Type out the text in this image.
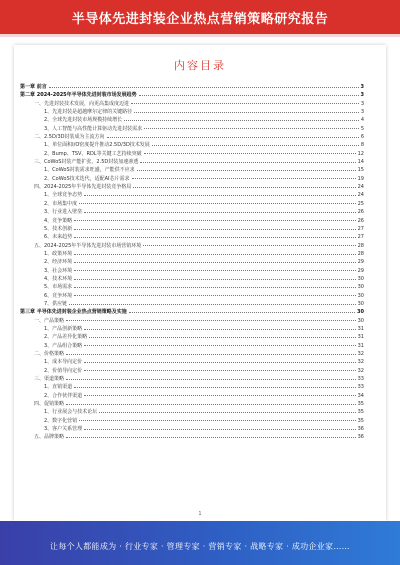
半导体先进封装企业热点营销策略研究报告
内容目录
第一章 前言	3
第二章 2024-2025年半导体先进封装市场发展趋势	3
一、先进封装技术发展，向更高集成度迈进	3
1、先进封装是超越摩尔定律的关键路径	3
2、全球先进封装市场规模持续增长	4
3、人工智能与高性能计算驱动先进封装需求	5
二、2.5D/3D封装成为主流方向	6
1、单位面积I/O密度提升推动2.5D/3D技术发展	8
2、Bump、TSV、RDL等关键工艺持续突破	12
三、CoWoS封装产能扩张，2.5D封装加速渗透	14
1、CoWoS封装需求旺盛，产能供不应求	15
2、CoWoS技术迭代，适配AI芯片需求	19
四、2024-2025年半导体先进封装竞争格局	24
1、全球竞争态势	24
2、市场集中度	25
3、行业进入壁垒	26
4、竞争策略	26
5、技术创新	27
6、未来趋势	27
五、2024-2025年半导体先进封装市场营销环境	28
1、政策环境	28
2、经济环境	29
3、社会环境	29
4、技术环境	30
5、市场需求	30
6、竞争环境	30
7、供应链	30
第三章 半导体先进封装企业热点营销策略及实施	30
一、产品策略	30
1、产品创新策略	31
2、产品差异化策略	31
3、产品组合策略	31
二、价格策略	32
1、成本导向定价	32
2、价值导向定价	32
三、渠道策略	33
1、直销渠道	33
2、合作伙伴渠道	34
四、促销策略	35
1、行业展会与技术论坛	35
2、数字化营销	35
3、客户关系管理	36
五、品牌策略	36
1
让每个人都能成为 · 行业专家 · 管理专家 · 营销专家 · 战略专家 · 成功企业家……
